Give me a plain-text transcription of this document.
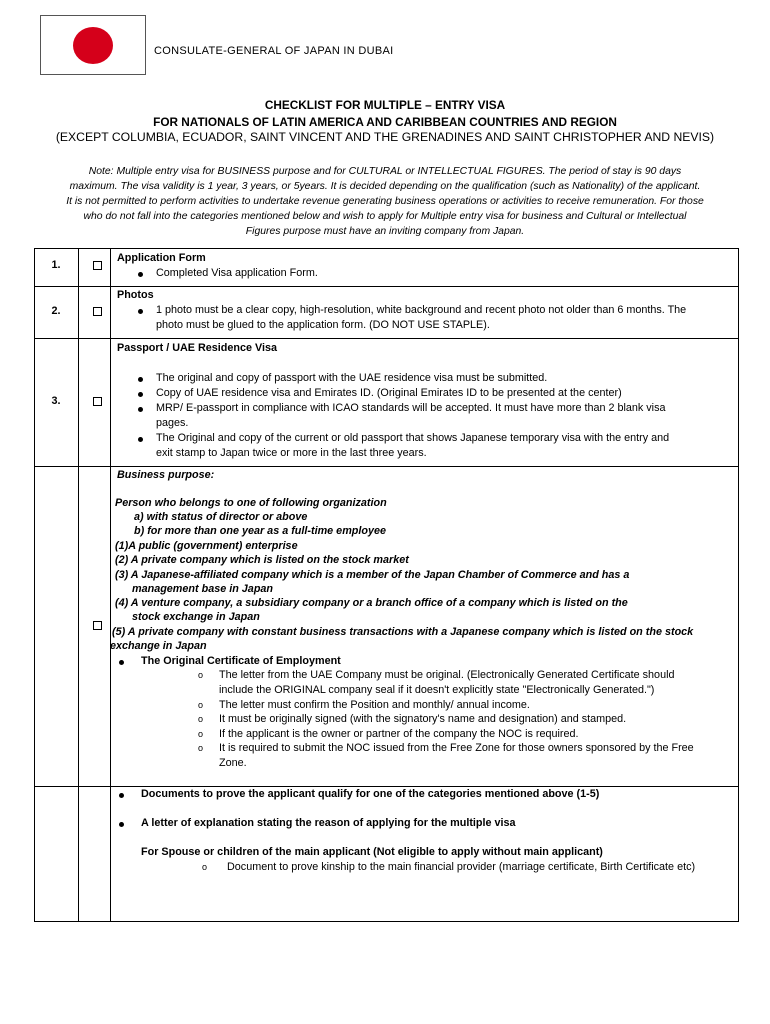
CONSULATE-GENERAL OF JAPAN IN DUBAI
CHECKLIST FOR MULTIPLE – ENTRY VISA
FOR NATIONALS OF LATIN AMERICA AND CARIBBEAN COUNTRIES AND REGION
(EXCEPT COLUMBIA, ECUADOR, SAINT VINCENT AND THE GRENADINES AND SAINT CHRISTOPHER AND NEVIS)
Note: Multiple entry visa for BUSINESS purpose and for CULTURAL or INTELLECTUAL FIGURES. The period of stay is 90 days
maximum. The visa validity is 1 year, 3 years, or 5years. It is decided depending on the qualification (such as Nationality) of the applicant.
It is not permitted to perform activities to undertake revenue generating business operations or activities to receive remuneration. For those
who do not fall into the categories mentioned below and wish to apply for Multiple entry visa for business and Cultural or Intellectual
Figures purpose must have an inviting company from Japan.
1.
Application Form
Completed Visa application Form.
2.
Photos
1 photo must be a clear copy, high-resolution, white background and recent photo not older than 6 months. The
photo must be glued to the application form. (DO NOT USE STAPLE).
3.
Passport / UAE Residence Visa
The original and copy of passport with the UAE residence visa must be submitted.
Copy of UAE residence visa and Emirates ID. (Original Emirates ID to be presented at the center)
MRP/ E-passport in compliance with ICAO standards will be accepted. It must have more than 2 blank visa
pages.
The Original and copy of the current or old passport that shows Japanese temporary visa with the entry and
exit stamp to Japan twice or more in the last three years.
Business purpose:
Person who belongs to one of following organization
a) with status of director or above
b) for more than one year as a full-time employee
(1)A public (government) enterprise
(2) A private company which is listed on the stock market
(3) A Japanese-affiliated company which is a member of the Japan Chamber of Commerce and has a
management base in Japan
(4) A venture company, a subsidiary company or a branch office of a company which is listed on the
stock exchange in Japan
(5) A private company with constant business transactions with a Japanese company which is listed on the stock
exchange in Japan
The Original Certificate of Employment
o The letter from the UAE Company must be original. (Electronically Generated Certificate should
include the ORIGINAL company seal if it doesn't explicitly state "Electronically Generated.")
o The letter must confirm the Position and monthly/ annual income.
o It must be originally signed (with the signatory's name and designation) and stamped.
o If the applicant is the owner or partner of the company the NOC is required.
o It is required to submit the NOC issued from the Free Zone for those owners sponsored by the Free
Zone.
Documents to prove the applicant qualify for one of the categories mentioned above (1-5)
A letter of explanation stating the reason of applying for the multiple visa
For Spouse or children of the main applicant (Not eligible to apply without main applicant)
o Document to prove kinship to the main financial provider (marriage certificate, Birth Certificate etc)
